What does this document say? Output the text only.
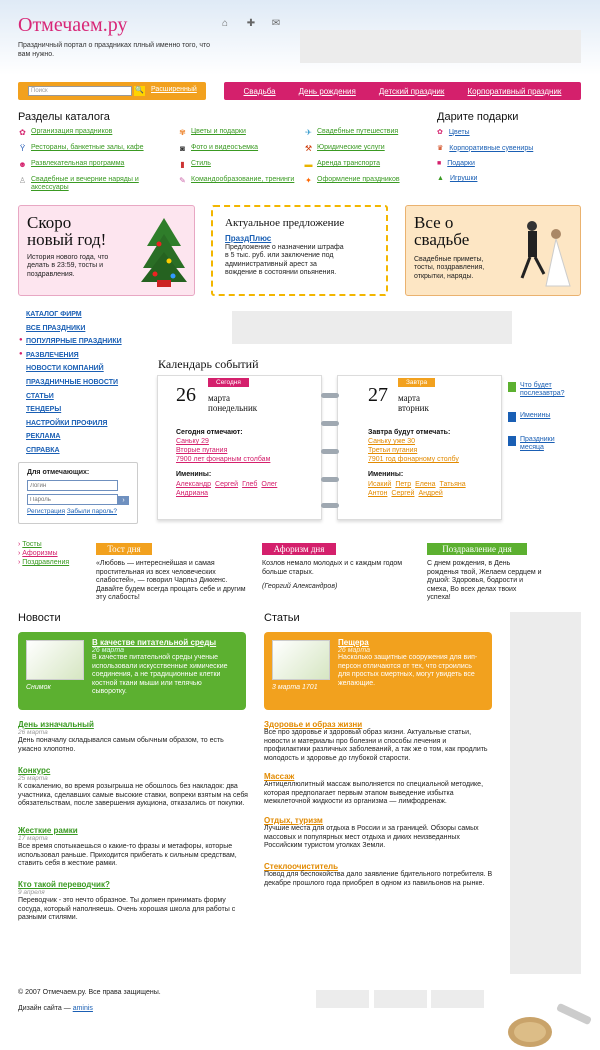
Отмечаем.ру
Праздничный портал о праздниках плный именно того, что вам нужно.
⌂ ✚ ✉
Поиск	🔍 Расширенный	Свадьба	День рождения	Детский праздник	Корпоративный праздник
Разделы каталога
✿ Организация праздников
Ÿ Рестораны, банкетные залы, кафе
☻ Развлекательная программа
♙ Свадебные и вечерние наряды и аксессуары
✾ Цветы и подарки
◙ Фото и видеосъемка
▮ Стиль
✎ Командообразование, тренинги
✈ Свадебные путешествия
⚒ Юридические услуги
▬ Аренда транспорта
✦ Оформление праздников
Дарите подарки
✿ Цветы
♛ Корпоративные сувениры
■ Подарки
▲ Игрушки
Скоро новый год!
История нового года, что делать в 23:59, тосты и поздравления.
Актуальное предложение
ПраздПлюс
Предложение о назначении штрафа в 5 тыс. руб. или заключение под административный арест за вождение в состоянии опьянения.
Все о свадьбе
Свадебные приметы, тосты, поздравления, открытки, наряды.
КАТАЛОГ ФИРМ
ВСЕ ПРАЗДНИКИ
ПОПУЛЯРНЫЕ ПРАЗДНИКИ
РАЗВЛЕЧЕНИЯ
НОВОСТИ КОМПАНИЙ
ПРАЗДНИЧНЫЕ НОВОСТИ
СТАТЬИ
ТЕНДЕРЫ
НАСТРОЙКИ ПРОФИЛЯ
РЕКЛАМА
СПРАВКА
●
●
Для отмечающих:
Логин
Регистрация Забыли пароль?
›
Календарь событий
Сегодня
26 марта
понедельник
Сегодня отмечают:
Саньку 29
Вторые пугания
7900 лет фонарным столбам
Именины:
Александр Сергей Глеб Олег
Андриана
Завтра
27 марта
вторник
Завтра будут отмечать:
Саньку уже 30
Третьи пугания
7901 год фонарному столбу
Именины:
Исакий Петр Елена Татьяна
Антон Сергей Андрей
Что будет послезавтра?
Именины
Праздники месяца
› Тосты
› Афоризмы
› Поздравления
Тост дня
«Любовь — интереснейшая и самая простительная из всех человеческих слабостей», — говорил Чарльз Диккенс. Давайте будем всегда прощать себе и другим эту слабость!
Афоризм дня
Козлов немало молодых и с каждым годом больше старых.
(Георгий Александров)
Поздравление дня
С днем рождения, в День рожденья твой, Желаем сердцем и душой: Здоровья, бодрости и смеха, Во всех делах твоих успеха!
Новости
Снимок
В качестве питательной среды
26 марта
В качестве питательной среды ученые использовали искусственные химические соединения, а не традиционные клетки костной ткани мыши или телячью сыворотку.
День изначальный
26 марта
День поначалу складывался самым обычным образом, то есть ужасно хлопотно.
Конкурс
25 марта
К сожалению, во время розыгрыша не обошлось без накладок: два участника, сделавших самые высокие ставки, вопреки взятым на себя обязательствам, после завершения аукциона, отказались от покупки.
Жесткие рамки
17 марта
Все время спотыкаешься о какие-то фразы и метафоры, которые использовал раньше. Приходится прибегать к сильным средствам, ставить себя в жесткие рамки.
Кто такой переводчик?
9 апреля
Переводчик - это нечто образное. Ты должен принимать форму сосуда, который наполняешь. Очень хорошая школа для работы с разными стилями.
Статьи
3 марта 1701
Пещера
26 марта
Насколько защитные сооружения для вип-персон отличаются от тех, что строились для простых смертных, могут увидеть все желающие.
Здоровье и образ жизни
Все про здоровье и здоровый образ жизни. Актуальные статьи, новости и материалы про болезни и способы лечения и профилактики различных заболеваний, а так же о том, как продлить молодость и здоровье до глубокой старости.
Массаж
Антицеллюлитный массаж выполняется по специальной методике, которая предполагает первым этапом выведение избытка межклеточной жидкости из организма — лимфодренаж.
Отдых, туризм
Лучшие места для отдыха в России и за границей. Обзоры самых массовых и популярных мест отдыха и диких неизведанных Российским туристом уголках Земли.
Стеклоочиститель
Повод для беспокойства дало заявление бдительного потребителя. В декабре прошлого года приобрел в одном из павильонов на рынке.
© 2007 Отмечаем.ру. Все права защищены.
Дизайн сайта — aminis
